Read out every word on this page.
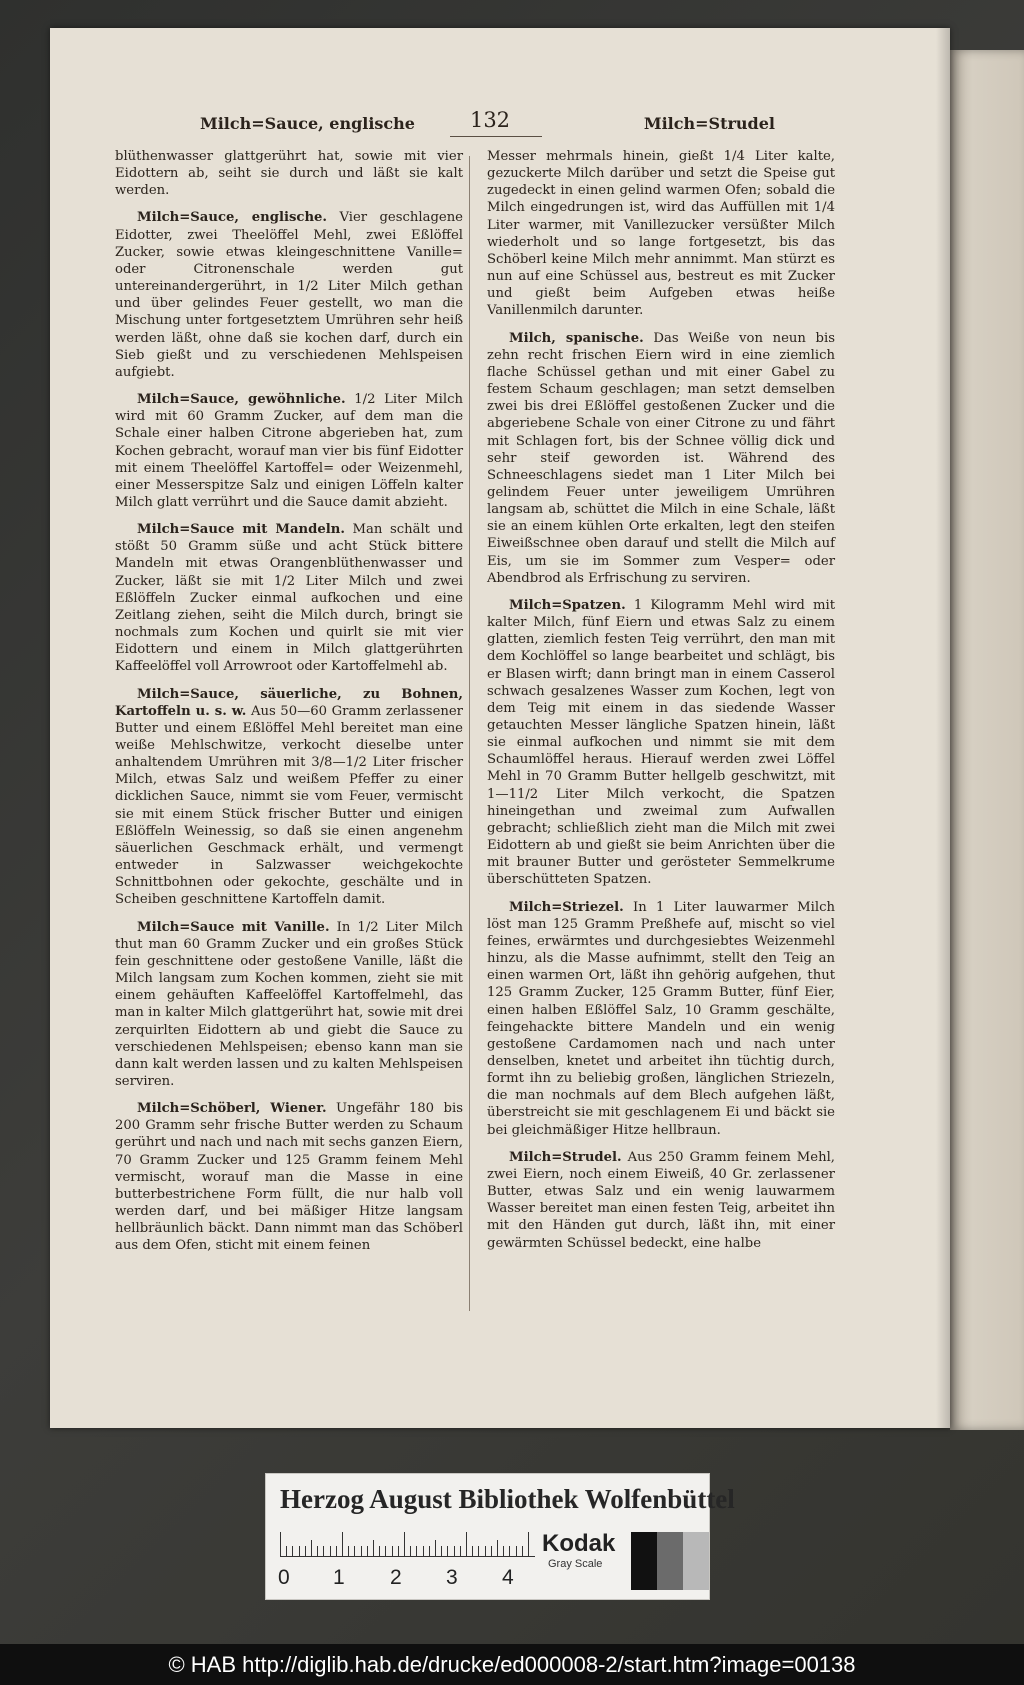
Milch=Sauce, englische	132	Milch=Strudel

blüthenwasser glattgerührt hat, sowie mit vier Eidottern ab, seiht sie durch und läßt sie kalt werden.

Milch=Sauce, englische. Vier geschlagene Eidotter, zwei Theelöffel Mehl, zwei Eßlöffel Zucker, sowie etwas kleingeschnittene Vanille= oder Citronenschale werden gut untereinandergerührt, in 1/2 Liter Milch gethan und über gelindes Feuer gestellt, wo man die Mischung unter fortgesetztem Umrühren sehr heiß werden läßt, ohne daß sie kochen darf, durch ein Sieb gießt und zu verschiedenen Mehlspeisen aufgiebt.

Milch=Sauce, gewöhnliche. 1/2 Liter Milch wird mit 60 Gramm Zucker, auf dem man die Schale einer halben Citrone abgerieben hat, zum Kochen gebracht, worauf man vier bis fünf Eidotter mit einem Theelöffel Kartoffel= oder Weizenmehl, einer Messerspitze Salz und einigen Löffeln kalter Milch glatt verrührt und die Sauce damit abzieht.

Milch=Sauce mit Mandeln. Man schält und stößt 50 Gramm süße und acht Stück bittere Mandeln mit etwas Orangenblüthenwasser und Zucker, läßt sie mit 1/2 Liter Milch und zwei Eßlöffeln Zucker einmal aufkochen und eine Zeitlang ziehen, seiht die Milch durch, bringt sie nochmals zum Kochen und quirlt sie mit vier Eidottern und einem in Milch glattgerührten Kaffeelöffel voll Arrowroot oder Kartoffelmehl ab.

Milch=Sauce, säuerliche, zu Bohnen, Kartoffeln u. s. w. Aus 50—60 Gramm zerlassener Butter und einem Eßlöffel Mehl bereitet man eine weiße Mehlschwitze, verkocht dieselbe unter anhaltendem Umrühren mit 3/8—1/2 Liter frischer Milch, etwas Salz und weißem Pfeffer zu einer dicklichen Sauce, nimmt sie vom Feuer, vermischt sie mit einem Stück frischer Butter und einigen Eßlöffeln Weinessig, so daß sie einen angenehm säuerlichen Geschmack erhält, und vermengt entweder in Salzwasser weichgekochte Schnittbohnen oder gekochte, geschälte und in Scheiben geschnittene Kartoffeln damit.

Milch=Sauce mit Vanille. In 1/2 Liter Milch thut man 60 Gramm Zucker und ein großes Stück fein geschnittene oder gestoßene Vanille, läßt die Milch langsam zum Kochen kommen, zieht sie mit einem gehäuften Kaffeelöffel Kartoffelmehl, das man in kalter Milch glattgerührt hat, sowie mit drei zerquirlten Eidottern ab und giebt die Sauce zu verschiedenen Mehlspeisen; ebenso kann man sie dann kalt werden lassen und zu kalten Mehlspeisen serviren.

Milch=Schöberl, Wiener. Ungefähr 180 bis 200 Gramm sehr frische Butter werden zu Schaum gerührt und nach und nach mit sechs ganzen Eiern, 70 Gramm Zucker und 125 Gramm feinem Mehl vermischt, worauf man die Masse in eine butterbestrichene Form füllt, die nur halb voll werden darf, und bei mäßiger Hitze langsam hellbräunlich bäckt. Dann nimmt man das Schöberl aus dem Ofen, sticht mit einem feinen

Messer mehrmals hinein, gießt 1/4 Liter kalte, gezuckerte Milch darüber und setzt die Speise gut zugedeckt in einen gelind warmen Ofen; sobald die Milch eingedrungen ist, wird das Auffüllen mit 1/4 Liter warmer, mit Vanillezucker versüßter Milch wiederholt und so lange fortgesetzt, bis das Schöberl keine Milch mehr annimmt. Man stürzt es nun auf eine Schüssel aus, bestreut es mit Zucker und gießt beim Aufgeben etwas heiße Vanillenmilch darunter.

Milch, spanische. Das Weiße von neun bis zehn recht frischen Eiern wird in eine ziemlich flache Schüssel gethan und mit einer Gabel zu festem Schaum geschlagen; man setzt demselben zwei bis drei Eßlöffel gestoßenen Zucker und die abgeriebene Schale von einer Citrone zu und fährt mit Schlagen fort, bis der Schnee völlig dick und sehr steif geworden ist. Während des Schneeschlagens siedet man 1 Liter Milch bei gelindem Feuer unter jeweiligem Umrühren langsam ab, schüttet die Milch in eine Schale, läßt sie an einem kühlen Orte erkalten, legt den steifen Eiweißschnee oben darauf und stellt die Milch auf Eis, um sie im Sommer zum Vesper= oder Abendbrod als Erfrischung zu serviren.

Milch=Spatzen. 1 Kilogramm Mehl wird mit kalter Milch, fünf Eiern und etwas Salz zu einem glatten, ziemlich festen Teig verrührt, den man mit dem Kochlöffel so lange bearbeitet und schlägt, bis er Blasen wirft; dann bringt man in einem Casserol schwach gesalzenes Wasser zum Kochen, legt von dem Teig mit einem in das siedende Wasser getauchten Messer längliche Spatzen hinein, läßt sie einmal aufkochen und nimmt sie mit dem Schaumlöffel heraus. Hierauf werden zwei Löffel Mehl in 70 Gramm Butter hellgelb geschwitzt, mit 1—11/2 Liter Milch verkocht, die Spatzen hineingethan und zweimal zum Aufwallen gebracht; schließlich zieht man die Milch mit zwei Eidottern ab und gießt sie beim Anrichten über die mit brauner Butter und gerösteter Semmelkrume überschütteten Spatzen.

Milch=Striezel. In 1 Liter lauwarmer Milch löst man 125 Gramm Preßhefe auf, mischt so viel feines, erwärmtes und durchgesiebtes Weizenmehl hinzu, als die Masse aufnimmt, stellt den Teig an einen warmen Ort, läßt ihn gehörig aufgehen, thut 125 Gramm Zucker, 125 Gramm Butter, fünf Eier, einen halben Eßlöffel Salz, 10 Gramm geschälte, feingehackte bittere Mandeln und ein wenig gestoßene Cardamomen nach und nach unter denselben, knetet und arbeitet ihn tüchtig durch, formt ihn zu beliebig großen, länglichen Striezeln, die man nochmals auf dem Blech aufgehen läßt, überstreicht sie mit geschlagenem Ei und bäckt sie bei gleichmäßiger Hitze hellbraun.

Milch=Strudel. Aus 250 Gramm feinem Mehl, zwei Eiern, noch einem Eiweiß, 40 Gr. zerlassener Butter, etwas Salz und ein wenig lauwarmem Wasser bereitet man einen festen Teig, arbeitet ihn mit den Händen gut durch, läßt ihn, mit einer gewärmten Schüssel bedeckt, eine halbe

Herzog August Bibliothek Wolfenbüttel
0 1 2 3 4
Kodak
Gray Scale
© HAB http://diglib.hab.de/drucke/ed000008-2/start.htm?image=00138
